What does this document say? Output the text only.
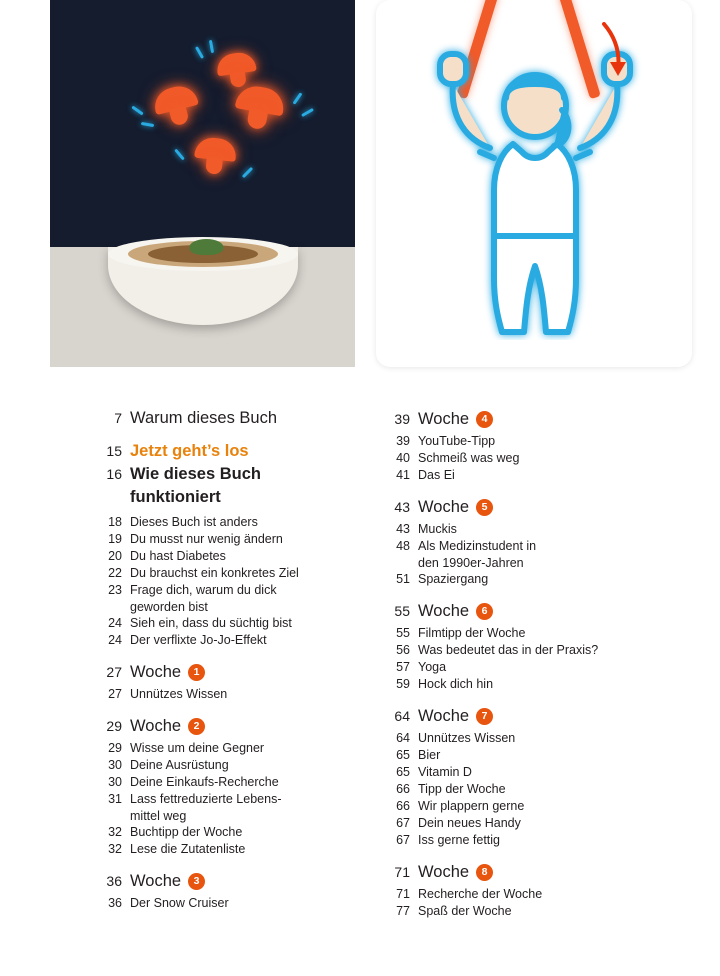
7 Warum dieses Buch
15 Jetzt geht’s los
16 Wie dieses Buch
funktioniert
18 Dieses Buch ist anders
19 Du musst nur wenig ändern
20 Du hast Diabetes
22 Du brauchst ein konkretes Ziel
23 Frage dich, warum du dick
geworden bist
24 Sieh ein, dass du süchtig bist
24 Der verflixte Jo-Jo-Effekt
27 Woche	1
27 Unnützes Wissen
29 Woche	2
29 Wisse um deine Gegner
30 Deine Ausrüstung
30 Deine Einkaufs-Recherche
31 Lass fettreduzierte Lebens-
mittel weg
32 Buchtipp der Woche
32 Lese die Zutatenliste
36 Woche	3
36 Der Snow Cruiser
39 Woche	4
39 YouTube-Tipp
40 Schmeiß was weg
41 Das Ei
43 Woche	5
43 Muckis
48 Als Medizinstudent in
den 1990er-Jahren
51 Spaziergang
55 Woche	6
55 Filmtipp der Woche
56 Was bedeutet das in der Praxis?
57 Yoga
59 Hock dich hin
64 Woche	7
64 Unnützes Wissen
65 Bier
65 Vitamin D
66 Tipp der Woche
66 Wir plappern gerne
67 Dein neues Handy
67 Iss gerne fettig
71 Woche	8
71 Recherche der Woche
77 Spaß der Woche
